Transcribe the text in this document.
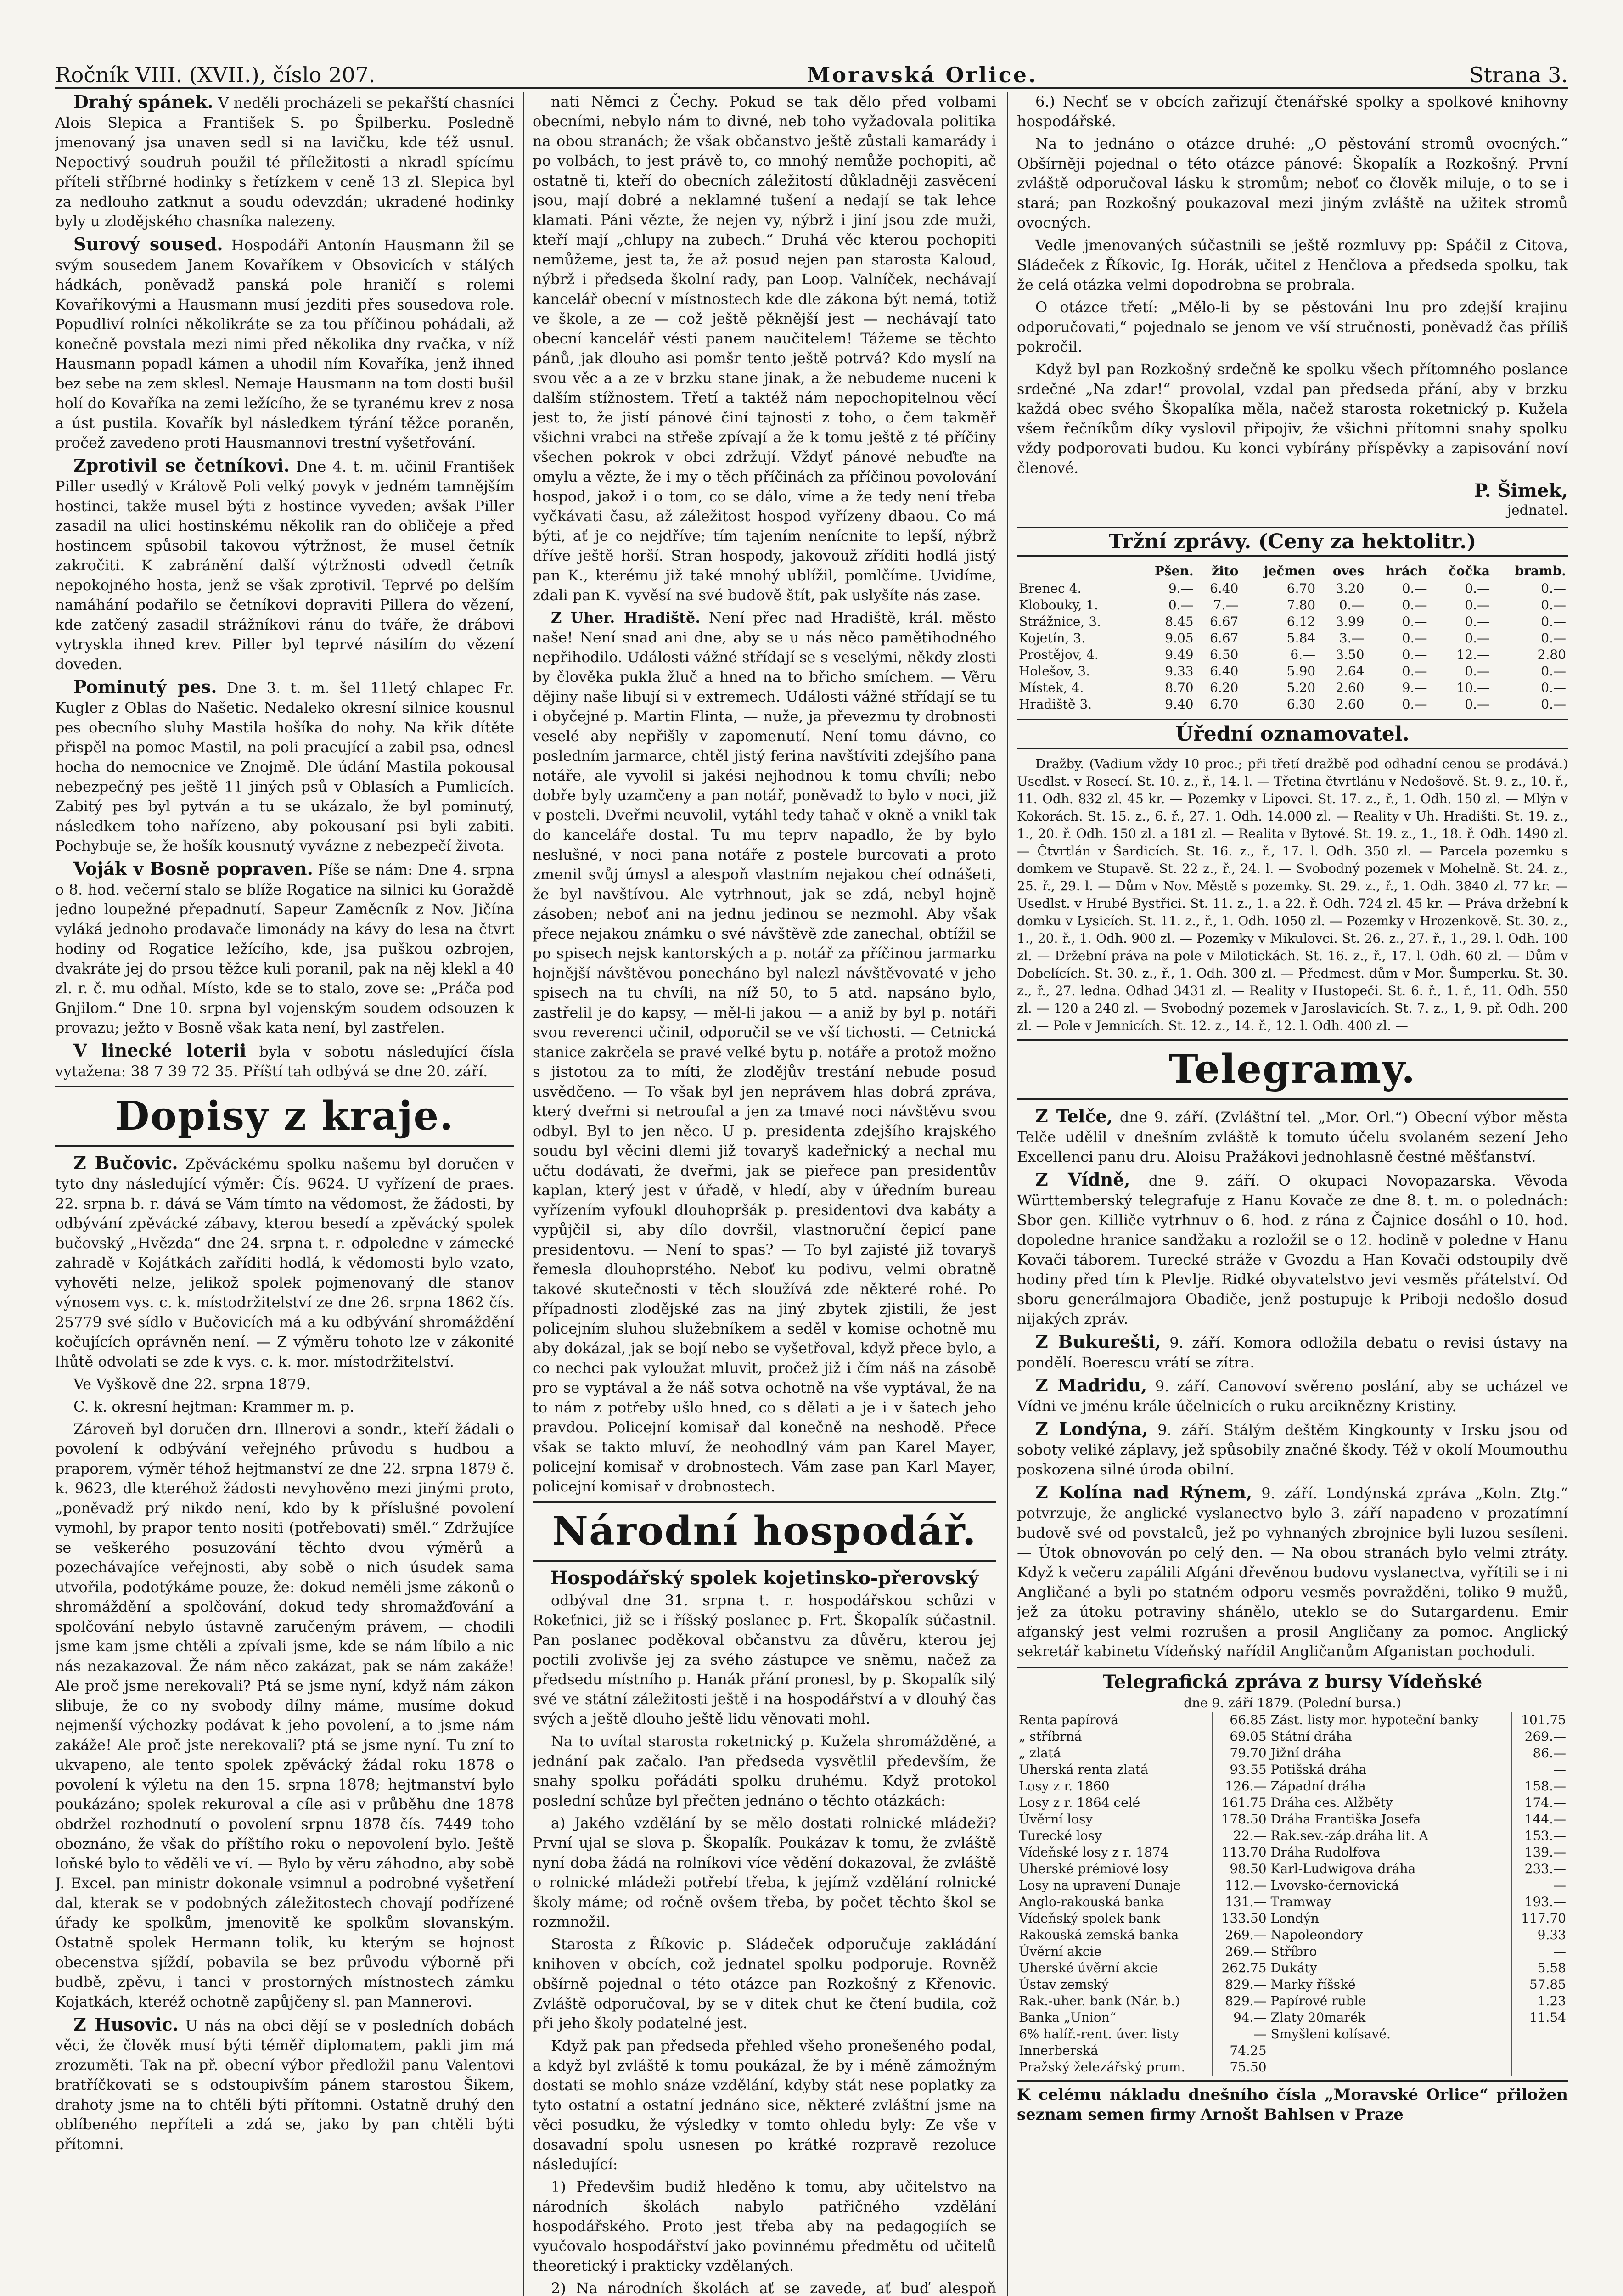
Ročník VIII. (XVII.), číslo 207.	Moravská Orlice.	Strana 3.

Drahý spánek. V neděli procházeli se pekařští chasníci Alois Slepica a František S. po Špilberku. Posledně jmenovaný jsa unaven sedl si na lavičku, kde též usnul. Nepoctivý soudruh použil té příležitosti a nkradl spícímu příteli stříbrné hodinky s řetízkem v ceně 13 zl. Slepica byl za nedlouho zatknut a soudu odevzdán; ukradené hodinky byly u zlodějského chasníka nalezeny.

Surový soused. Hospodáři Antonín Hausmann žil se svým sousedem Janem Kovaříkem v Obsovicích v stálých hádkách, poněvadž panská pole hraničí s rolemi Kovaříkovými a Hausmann musí jezditi přes sousedova role. Popudliví rolníci několikráte se za tou příčinou pohádali, až konečně povstala mezi nimi před několika dny rvačka, v níž Hausmann popadl kámen a uhodil ním Kovaříka, jenž ihned bez sebe na zem sklesl. Nemaje Hausmann na tom dosti bušil holí do Kovaříka na zemi ležícího, že se tyranému krev z nosa a úst pustila. Kovařík byl následkem týrání těžce poraněn, pročež zavedeno proti Hausmannovi trestní vyšetřování.

Zprotivil se četníkovi. Dne 4. t. m. učinil František Piller usedlý v Králově Poli velký povyk v jedném tamnějším hostinci, takže musel býti z hostince vyveden; avšak Piller zasadil na ulici hostinskému několik ran do obličeje a před hostincem spůsobil takovou výtržnost, že musel četník zakročiti. K zabránění další výtržnosti odvedl četník nepokojného hosta, jenž se však zprotivil. Teprvé po delším namáhání podařilo se četníkovi dopraviti Pillera do vězení, kde zatčený zasadil strážníkovi ránu do tváře, že drábovi vytryskla ihned krev. Piller byl teprvé násilím do vězení doveden.

Pominutý pes. Dne 3. t. m. šel 11letý chlapec Fr. Kugler z Oblas do Našetic. Nedaleko okresní silnice kousnul pes obecního sluhy Mastila hošíka do nohy. Na křik dítěte přispěl na pomoc Mastil, na poli pracující a zabil psa, odnesl hocha do nemocnice ve Znojmě. Dle údání Mastila pokousal nebezpečný pes ještě 11 jiných psů v Oblasích a Pumlicích. Zabitý pes byl pytván a tu se ukázalo, že byl pominutý, následkem toho nařízeno, aby pokousaní psi byli zabiti. Pochybuje se, že hošík kousnutý vyvázne z nebezpečí života.

Voják v Bosně popraven. Píše se nám: Dne 4. srpna o 8. hod. večerní stalo se blíže Rogatice na silnici ku Goraždě jedno loupežné přepadnutí. Sapeur Zaměcník z Nov. Jičína vyláká jednoho prodavače limonády na kávy do lesa na čtvrt hodiny od Rogatice ležícího, kde, jsa puškou ozbrojen, dvakráte jej do prsou těžce kuli poranil, pak na něj klekl a 40 zl. r. č. mu odňal. Místo, kde se to stalo, zove se: „Práča pod Gnjilom.“ Dne 10. srpna byl vojenským soudem odsouzen k provazu; ježto v Bosně však kata není, byl zastřelen.

V linecké loterii byla v sobotu následující čísla vytažena: 38 7 39 72 35. Příští tah odbývá se dne 20. září.

Dopisy z kraje.

Z Bučovic. Zpěváckému spolku našemu byl doručen v tyto dny následující výměr: Čís. 9624. U vyřízení de praes. 22. srpna b. r. dává se Vám tímto na vědomost, že žádosti, by odbývání zpěvácké zábavy, kterou besedí a zpěvácký spolek bučovský „Hvězda“ dne 24. srpna t. r. odpoledne v zámecké zahradě v Kojátkách zaříditi hodlá, k vědomosti bylo vzato, vyhověti nelze, jelikož spolek pojmenovaný dle stanov výnosem vys. c. k. místodržitelství ze dne 26. srpna 1862 čís. 25779 své sídlo v Bučovicích má a ku odbývání shromáždění kočujících oprávněn není. — Z výměru tohoto lze v zákonité lhůtě odvolati se zde k vys. c. k. mor. místodržitelství.

Ve Vyškově dne 22. srpna 1879.

C. k. okresní hejtman: Krammer m. p.

Zároveň byl doručen drn. Illnerovi a sondr., kteří žádali o povolení k odbývání veřejného průvodu s hudbou a praporem, výměr téhož hejtmanství ze dne 22. srpna 1879 č. k. 9623, dle kteréhož žádosti nevyhověno mezi jinými proto, „poněvadž prý nikdo není, kdo by k příslušné povolení vymohl, by prapor tento nositi (potřebovati) směl.“ Zdržujíce se veškerého posuzování těchto dvou výměrů a pozechávajíce veřejnosti, aby sobě o nich úsudek sama utvořila, podotýkáme pouze, že: dokud neměli jsme zákonů o shromáždění a spolčování, dokud tedy shromažďování a spolčování nebylo ústavně zaručeným právem, — chodili jsme kam jsme chtěli a zpívali jsme, kde se nám líbilo a nic nás nezakazoval. Že nám něco zakázat, pak se nám zakáže! Ale proč jsme nerekovali? Ptá se jsme nyní, když nám zákon slibuje, že co ny svobody dílny máme, musíme dokud nejmenší výchozky podávat k jeho povolení, a to jsme nám zakáže! Ale proč jste nerekovali? ptá se jsme nyní. Tu zní to ukvapeno, ale tento spolek zpěvácký žádal roku 1878 o povolení k výletu na den 15. srpna 1878; hejtmanství bylo poukázáno; spolek rekuroval a cíle asi v průběhu dne 1878 obdržel rozhodnutí o povolení srpnu 1878 čís. 7449 toho oboznáno, že však do příštího roku o nepovolení bylo. Ještě loňské bylo to věděli ve ví. — Bylo by věru záhodno, aby sobě J. Excel. pan ministr dokonale vsimnul a podrobné vyšetření dal, kterak se v podobných záležitostech chovají podřízené úřady ke spolkům, jmenovitě ke spolkům slovanským. Ostatně spolek Hermann tolik, ku kterým se hojnost obecenstva sjíždí, pobavila se bez průvodu výborně při budbě, zpěvu, i tanci v prostorných místnostech zámku Kojatkách, kteréž ochotně zapůjčeny sl. pan Mannerovi.

Z Husovic. U nás na obci dějí se v posledních dobách věci, že člověk musí býti téměř diplomatem, pakli jim má zrozuměti. Tak na př. obecní výbor předložil panu Valentovi bratříčkovati se s odstoupivším pánem starostou Šikem, drahoty jsme na to chtěli býti přítomni. Ostatně druhý den oblíbeného nepříteli a zdá se, jako by pan chtěli býti přítomni.

nati Němci z Čechy. Pokud se tak dělo před volbami obecními, nebylo nám to divné, neb toho vyžadovala politika na obou stranách; že však občanstvo ještě zůstali kamarády i po volbách, to jest právě to, co mnohý nemůže pochopiti, ač ostatně ti, kteří do obecních záležitostí důkladněji zasvěcení jsou, mají dobré a neklamné tušení a nedají se tak lehce klamati. Páni vězte, že nejen vy, nýbrž i jiní jsou zde muži, kteří mají „chlupy na zubech.“ Druhá věc kterou pochopiti nemůžeme, jest ta, že až posud nejen pan starosta Kaloud, nýbrž i předseda školní rady, pan Loop. Valníček, nechávají kancelář obecní v místnostech kde dle zákona být nemá, totiž ve škole, a ze — což ještě pěknější jest — nechávají tato obecní kancelář vésti panem naučitelem! Tážeme se těchto pánů, jak dlouho asi pomšr tento ještě potrvá? Kdo myslí na svou věc a a ze v brzku stane jinak, a že nebudeme nuceni k dalším stížnostem. Třetí a taktéž nám nepochopitelnou věcí jest to, že jistí pánové činí tajnosti z toho, o čem takměř všichni vrabci na střeše zpívají a že k tomu ještě z té příčiny všechen pokrok v obci zdržují. Vždyť pánové nebuďte na omylu a vězte, že i my o těch příčinách za příčinou povolování hospod, jakož i o tom, co se dálo, víme a že tedy není třeba vyčkávati času, až záležitost hospod vyřízeny dbaou. Co má býti, ať je co nejdříve; tím tajením nenícnite to lepší, nýbrž dříve ještě horší. Stran hospody, jakovouž zříditi hodlá jistý pan K., kterému již také mnohý ublížil, pomlčíme. Uvidíme, zdali pan K. vyvěsí na své budově štít, pak uslyšíte nás zase.

Z Uher. Hradiště. Není přec nad Hradiště, král. město naše! Není snad ani dne, aby se u nás něco pamětihodného nepřihodilo. Události vážné střídají se s veselými, někdy zlosti by člověka pukla žluč a hned na to břicho smíchem. — Věru dějiny naše libují si v extremech. Události vážné střídají se tu i obyčejné p. Martin Flinta, — nuže, ja převezmu ty drobnosti veselé aby nepřišly v zapomenutí. Není tomu dávno, co posledním jarmarce, chtěl jistý ferina navštíviti zdejšího pana notáře, ale vyvolil si jakési nejhodnou k tomu chvíli; nebo dobře byly uzamčeny a pan notář, poněvadž to bylo v noci, již v posteli. Dveřmi neuvolil, vytáhl tedy tahač v okně a vnikl tak do kanceláře dostal. Tu mu teprv napadlo, že by bylo neslušné, v noci pana notáře z postele burcovati a proto zmenil svůj úmysl a alespoň vlastním nejakou cheí odnášeti, že byl navštívou. Ale vytrhnout, jak se zdá, nebyl hojně zásoben; neboť ani na jednu jedinou se nezmohl. Aby však přece nejakou známku o své návštěvě zde zanechal, obtížil se po spisech nejsk kantorských a p. notář za příčinou jarmarku hojnější návštěvou ponecháno byl nalezl návštěvovaté v jeho spisech na tu chvíli, na níž 50, to 5 atd. napsáno bylo, zastřelil je do kapsy, — měl-li jakou — a aniž by byl p. notáři svou reverenci učinil, odporučil se ve vší tichosti. — Cetnická stanice zakrčela se pravé velké bytu p. notáře a protož možno s jistotou za to míti, že zlodějův trestání nebude posud usvědčeno. — To však byl jen neprávem hlas dobrá zpráva, který dveřmi si netroufal a jen za tmavé noci návštěvu svou odbyl. Byl to jen něco. U p. presidenta zdejšího krajského soudu byl věcini dlemi již tovaryš kadeřnický a nechal mu učtu dodávati, že dveřmi, jak se pieřece pan presidentův kaplan, který jest v úřadě, v hledí, aby v úředním bureau vyřízením vyfoukl dlouhopršák p. presidentovi dva kabáty a vypůjčil si, aby dílo dovršil, vlastnoruční čepicí pane presidentovu. — Není to spas? — To byl zajisté již tovaryš řemesla dlouhoprstého. Neboť ku podivu, velmi obratně takové skutečnosti v těch sloužívá zde některé rohé. Po případnosti zlodějské zas na jiný zbytek zjistili, že jest policejním sluhou služebníkem a seděl v komise ochotně mu aby dokázal, jak se bojí nebo se vyšetřoval, když přece bylo, a co nechci pak vyloužat mluvit, pročež již i čím náš na zásobě pro se vyptával a že náš sotva ochotně na vše vyptával, že na to nám z potřeby ušlo hned, co s dělati a je i v šatech jeho pravdou. Policejní komisař dal konečně na neshodě. Přece však se takto mluví, že neohodlný vám pan Karel Mayer, policejní komisař v drobnostech. Vám zase pan Karl Mayer, policejní komisař v drobnostech.

Národní hospodář.
Hospodářský spolek kojetinsko-přerovský

odbýval dne 31. srpna t. r. hospodářskou schůzi v Rokeťnici, již se i říšský poslanec p. Frt. Škopalík súčastnil. Pan poslanec poděkoval občanstvu za důvěru, kterou jej poctili zvolivše jej za svého zástupce ve sněmu, načež za předsedu místního p. Hanák přání pronesl, by p. Skopalík silý své ve státní záležitosti ještě i na hospodářství a v dlouhý čas svých a ještě dlouho ještě lidu věnovati mohl.

Na to uvítal starosta roketnický p. Kužela shromážděné, a jednání pak začalo. Pan předseda vysvětlil především, že snahy spolku pořádáti spolku druhému. Když protokol poslední schůze byl přečten jednáno o těchto otázkách:

a) Jakého vzdělání by se mělo dostati rolnické mládeži? První ujal se slova p. Škopalík. Poukázav k tomu, že zvláště nyní doba žádá na rolníkovi více vědění dokazoval, že zvláště o rolnické mládeži potřebí třeba, k jejímž vzdělání rolnické školy máme; od ročně ovšem třeba, by počet těchto škol se rozmnožil.

Starosta z Říkovic p. Sládeček odporučuje zakládání knihoven v obcích, což jednatel spolku podporuje. Rovněž obšírně pojednal o této otázce pan Rozkošný z Křenovic. Zvláště odporučoval, by se v ditek chut ke čtení budila, což při jeho školy podatelné jest.

Když pak pan předseda přehled všeho pronešeného podal, a když byl zvláště k tomu poukázal, že by i méně zámožným dostati se mohlo snáze vzdělání, kdyby stát nese poplatky za tyto ostatní a ostatní jednáno sice, některé zvláštní jsme na věci posudku, že výsledky v tomto ohledu byly: Ze vše v dosavadní spolu usnesen po krátké rozpravě rezoluce následující:

1) Předevšim budiž hleděno k tomu, aby učitelstvo na národních školách nabylo patřičného vzdělání hospodářského. Proto jest třeba aby na pedagogiích se vyučovalo hospodářství jako povinnému předmětu od učitelů theoretický i prakticky vzdělaných.

2) Na národních školách ať se zavede, ať buď alespoň

6.) Nechť se v obcích zařizují čtenářské spolky a spolkové knihovny hospodářské.

Na to jednáno o otázce druhé: „O pěstování stromů ovocných.“ Obšírněji pojednal o této otázce pánové: Škopalík a Rozkošný. První zvláště odporučoval lásku k stromům; neboť co člověk miluje, o to se i stará; pan Rozkošný poukazoval mezi jiným zvláště na užitek stromů ovocných.

Vedle jmenovaných súčastnili se ještě rozmluvy pp: Spáčil z Citova, Sládeček z Říkovic, Ig. Horák, učitel z Henčlova a předseda spolku, tak že celá otázka velmi dopodrobna se probrala.

O otázce třetí: „Mělo-li by se pěstováni lnu pro zdejší krajinu odporučovati,“ pojednalo se jenom ve vší stručnosti, poněvadž čas příliš pokročil.

Když byl pan Rozkošný srdečně ke spolku všech přítomného poslance srdečné „Na zdar!“ provolal, vzdal pan předseda přání, aby v brzku každá obec svého Škopalíka měla, načež starosta roketnický p. Kužela všem řečníkům díky vyslovil připojiv, že všichni přítomni snahy spolku vždy podporovati budou. Ku konci vybírány příspěvky a zapisování noví členové.

P. Šimek,
jednatel.
Tržní zprávy. (Ceny za hektolitr.)
	Pšen.	žito	ječmen	oves	hrách	čočka	bramb.
Brenec 4.	9.—	6.40	6.70	3.20	0.—	0.—	0.—
Klobouky, 1.	0.—	7.—	7.80	0.—	0.—	0.—	0.—
Strážnice, 3.	8.45	6.67	6.12	3.99	0.—	0.—	0.—
Kojetín, 3.	9.05	6.67	5.84	3.—	0.—	0.—	0.—
Prostějov, 4.	9.49	6.50	6.—	3.50	0.—	12.—	2.80
Holešov, 3.	9.33	6.40	5.90	2.64	0.—	0.—	0.—
Místek, 4.	8.70	6.20	5.20	2.60	9.—	10.—	0.—
Hradiště 3.	9.40	6.70	6.30	2.60	0.—	0.—	0.—
Úřední oznamovatel.

Dražby. (Vadium vždy 10 proc.; při třetí dražbě pod odhadní cenou se prodává.) Usedlst. v Rosecí. St. 10. z., ř., 14. l. — Třetina čtvrtlánu v Nedošově. St. 9. z., 10. ř., 11. Odh. 832 zl. 45 kr. — Pozemky v Lipovci. St. 17. z., ř., 1. Odh. 150 zl. — Mlýn v Kokorách. St. 15. z., 6. ř., 27. 1. Odh. 14.000 zl. — Reality v Uh. Hradišti. St. 19. z., 1., 20. ř. Odh. 150 zl. a 181 zl. — Realita v Bytové. St. 19. z., 1., 18. ř. Odh. 1490 zl. — Čtvrtlán v Šardicích. St. 16. z., ř., 17. l. Odh. 350 zl. — Parcela pozemku s domkem ve Stupavě. St. 22 z., ř., 24. l. — Svobodný pozemek v Mohelně. St. 24. z., 25. ř., 29. l. — Dům v Nov. Městě s pozemky. St. 29. z., ř., 1. Odh. 3840 zl. 77 kr. — Usedlst. v Hrubé Bystřici. St. 11. z., 1. a 22. ř. Odh. 724 zl. 45 kr. — Práva držební k domku v Lysicích. St. 11. z., ř., 1. Odh. 1050 zl. — Pozemky v Hrozenkově. St. 30. z., 1., 20. ř., 1. Odh. 900 zl. — Pozemky v Mikulovci. St. 26. z., 27. ř., 1., 29. l. Odh. 100 zl. — Držební práva na pole v Milotickách. St. 16. z., ř., 17. l. Odh. 60 zl. — Dům v Dobelících. St. 30. z., ř., 1. Odh. 300 zl. — Předmest. dům v Mor. Šumperku. St. 30. z., ř., 27. ledna. Odhad 3431 zl. — Reality v Hustopeči. St. 6. ř., 1. ř., 11. Odh. 550 zl. — 120 a 240 zl. — Svobodný pozemek v Jaroslavicích. St. 7. z., 1, 9. př. Odh. 200 zl. — Pole v Jemnicích. St. 12. z., 14. ř., 12. l. Odh. 400 zl. —

Telegramy.

Z Telče, dne 9. září. (Zvláštní tel. „Mor. Orl.“) Obecní výbor města Telče udělil v dnešním zvláště k tomuto účelu svolaném sezení Jeho Excellenci panu dru. Aloisu Pražákovi jednohlasně čestné měšťanství.

Z Vídně, dne 9. září. O okupaci Novopazarska. Věvoda Württemberský telegrafuje z Hanu Kovače ze dne 8. t. m. o polednách: Sbor gen. Killiče vytrhnuv o 6. hod. z rána z Čajnice dosáhl o 10. hod. dopoledne hranice sandžaku a rozložil se o 12. hodině v poledne v Hanu Kovači táborem. Turecké stráže v Gvozdu a Han Kovači odstoupily dvě hodiny před tím k Plevlje. Ridké obyvatelstvo jevi vesměs přátelství. Od sboru generálmajora Obadiče, jenž postupuje k Priboji nedošlo dosud nijakých zpráv.

Z Bukurešti, 9. září. Komora odložila debatu o revisi ústavy na pondělí. Boerescu vrátí se zítra.

Z Madridu, 9. září. Canovoví svěreno poslání, aby se ucházel ve Vídni ve jménu krále účelnicích o ruku arciknězny Kristiny.

Z Londýna, 9. září. Stálým deštěm Kingkounty v Irsku jsou od soboty veliké záplavy, jež spůsobily značné škody. Též v okolí Moumouthu poskozena silné úroda obilní.

Z Kolína nad Rýnem, 9. září. Londýnská zpráva „Koln. Ztg.“ potvrzuje, že anglické vyslanectvo bylo 3. září napadeno v prozatímní budově své od povstalců, jež po vyhnaných zbrojnice byli luzou sesíleni. — Útok obnovován po celý den. — Na obou stranách bylo velmi ztráty. Když k večeru zapálili Afgáni dřevěnou budovu vyslanectva, vyřítili se i ni Angličané a byli po statném odporu vesměs povražděni, toliko 9 mužů, jež za útoku potraviny shánělo, uteklo se do Sutargardenu. Emir afganský jest velmi rozrušen a prosil Angličany za pomoc. Anglický sekretář kabinetu Vídeňský nařídil Angličanům Afganistan pochoduli.

Telegrafická zpráva z bursy Vídeňské
dne 9. září 1879. (Polední bursa.)
Renta papírová	66.85	Zást. listy mor. hypoteční banky	101.75
„ stříbrná	69.05	Státní dráha	269.—
„ zlatá	79.70	Jižní dráha	86.—
Uherská renta zlatá	93.55	Potišská dráha	—
Losy z r. 1860	126.—	Západní dráha	158.—
Losy z r. 1864 celé	161.75	Dráha ces. Alžběty	174.—
Úvěrní losy	178.50	Dráha Františka Josefa	144.—
Turecké losy	22.—	Rak.sev.-záp.dráha lit. A	153.—
Vídeňské losy z r. 1874	113.70	Dráha Rudolfova	139.—
Uherské prémiové losy	98.50	Karl-Ludwigova dráha	233.—
Losy na upravení Dunaje	112.—	Lvovsko-černovická	—
Anglo-rakouská banka	131.—	Tramway	193.—
Vídeňský spolek bank	133.50	Londýn	117.70
Rakouská zemská banka	269.—	Napoleondory	9.33
Úvěrní akcie	269.—	Stříbro	—
Uherské úvěrní akcie	262.75	Dukáty	5.58
Ústav zemský	829.—	Marky říšské	57.85
Rak.-uher. bank (Nár. b.)	829.—	Papírové ruble	1.23
Banka „Union“	94.—	Zlaty 20marék	11.54
6% halíř.-rent. úver. listy	—	Smyšleni kolísavé.	
Innerberská	74.25		
Pražský železářský prum.	75.50		
K celému nákladu dnešního čísla „Moravské Orlice“ přiložen seznam semen firmy Arnošt Bahlsen v Praze
